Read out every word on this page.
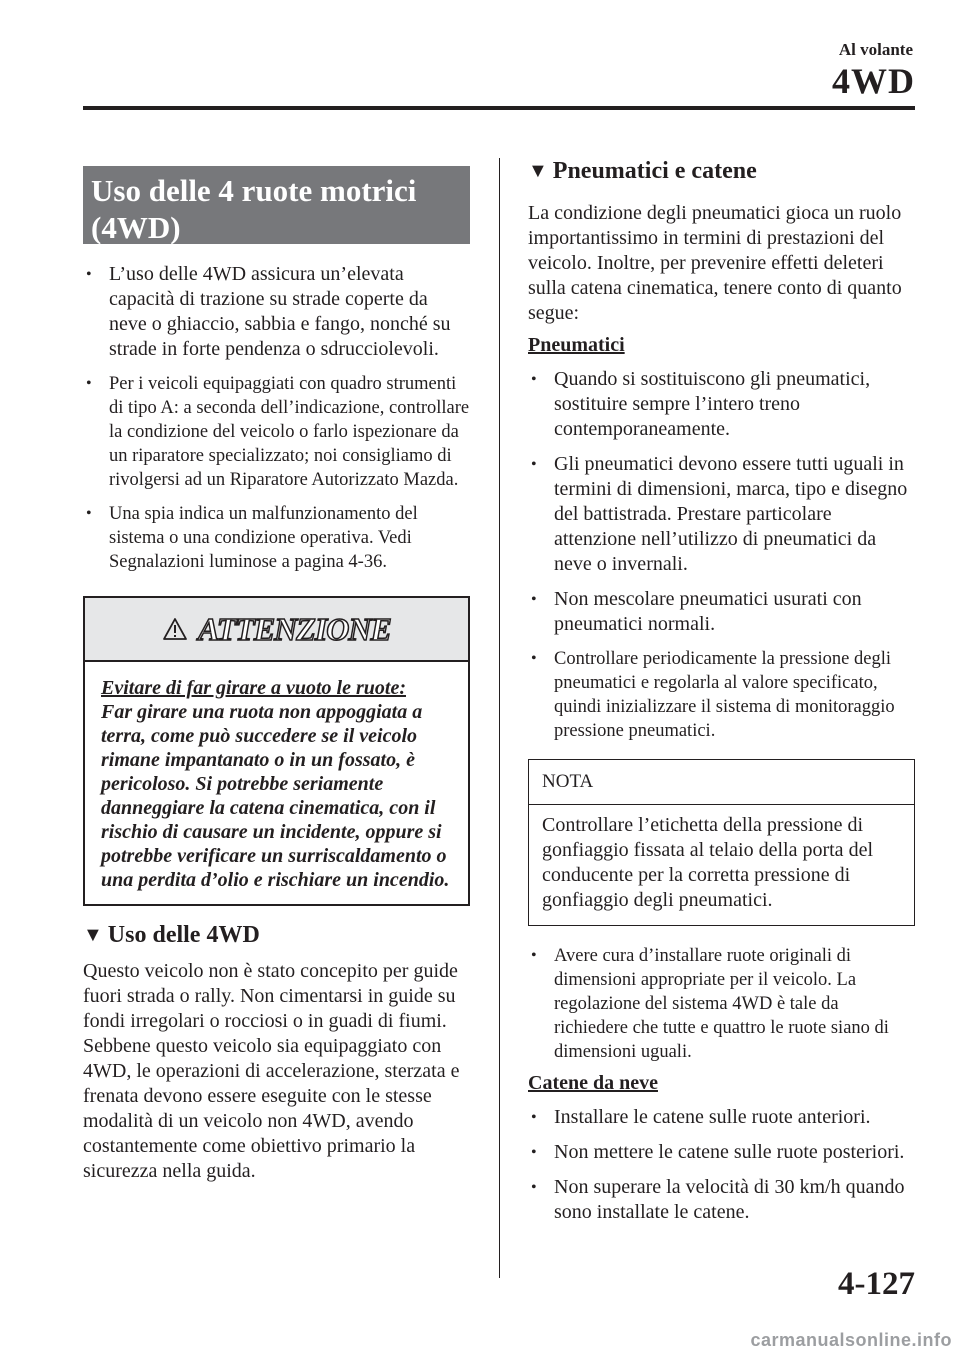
Al volante
4WD
Uso delle 4 ruote motrici
(4WD)
• L’uso delle 4WD assicura un’elevata capacità di trazione su strade coperte da neve o ghiaccio, sabbia e fango, nonché su strade in forte pendenza o sdrucciolevoli.
• Per i veicoli equipaggiati con quadro strumenti di tipo A: a seconda dell’indicazione, controllare la condizione del veicolo o farlo ispezionare da un riparatore specializzato; noi consigliamo di rivolgersi ad un Riparatore Autorizzato Mazda.
• Una spia indica un malfunzionamento del sistema o una condizione operativa. Vedi Segnalazioni luminose a pagina 4-36.
ATTENZIONE
Evitare di far girare a vuoto le ruote:
Far girare una ruota non appoggiata a terra, come può succedere se il veicolo rimane impantanato o in un fossato, è pericoloso. Si potrebbe seriamente danneggiare la catena cinematica, con il rischio di causare un incidente, oppure si potrebbe verificare un surriscaldamento o una perdita d’olio e rischiare un incendio.
▼ Uso delle 4WD
Questo veicolo non è stato concepito per guide fuori strada o rally. Non cimentarsi in guide su fondi irregolari o rocciosi o in guadi di fiumi.
Sebbene questo veicolo sia equipaggiato con 4WD, le operazioni di accelerazione, sterzata e frenata devono essere eseguite con le stesse modalità di un veicolo non 4WD, avendo costantemente come obiettivo primario la sicurezza nella guida.
▼ Pneumatici e catene
La condizione degli pneumatici gioca un ruolo importantissimo in termini di prestazioni del veicolo. Inoltre, per prevenire effetti deleteri sulla catena cinematica, tenere conto di quanto segue:
Pneumatici
• Quando si sostituiscono gli pneumatici, sostituire sempre l’intero treno contemporaneamente.
• Gli pneumatici devono essere tutti uguali in termini di dimensioni, marca, tipo e disegno del battistrada. Prestare particolare attenzione nell’utilizzo di pneumatici da neve o invernali.
• Non mescolare pneumatici usurati con pneumatici normali.
• Controllare periodicamente la pressione degli pneumatici e regolarla al valore specificato, quindi inizializzare il sistema di monitoraggio pressione pneumatici.
NOTA
Controllare l’etichetta della pressione di gonfiaggio fissata al telaio della porta del conducente per la corretta pressione di gonfiaggio degli pneumatici.
• Avere cura d’installare ruote originali di dimensioni appropriate per il veicolo. La regolazione del sistema 4WD è tale da richiedere che tutte e quattro le ruote siano di dimensioni uguali.
Catene da neve
• Installare le catene sulle ruote anteriori.
• Non mettere le catene sulle ruote posteriori.
• Non superare la velocità di 30 km/h quando sono installate le catene.
4-127
carmanualsonline.info
